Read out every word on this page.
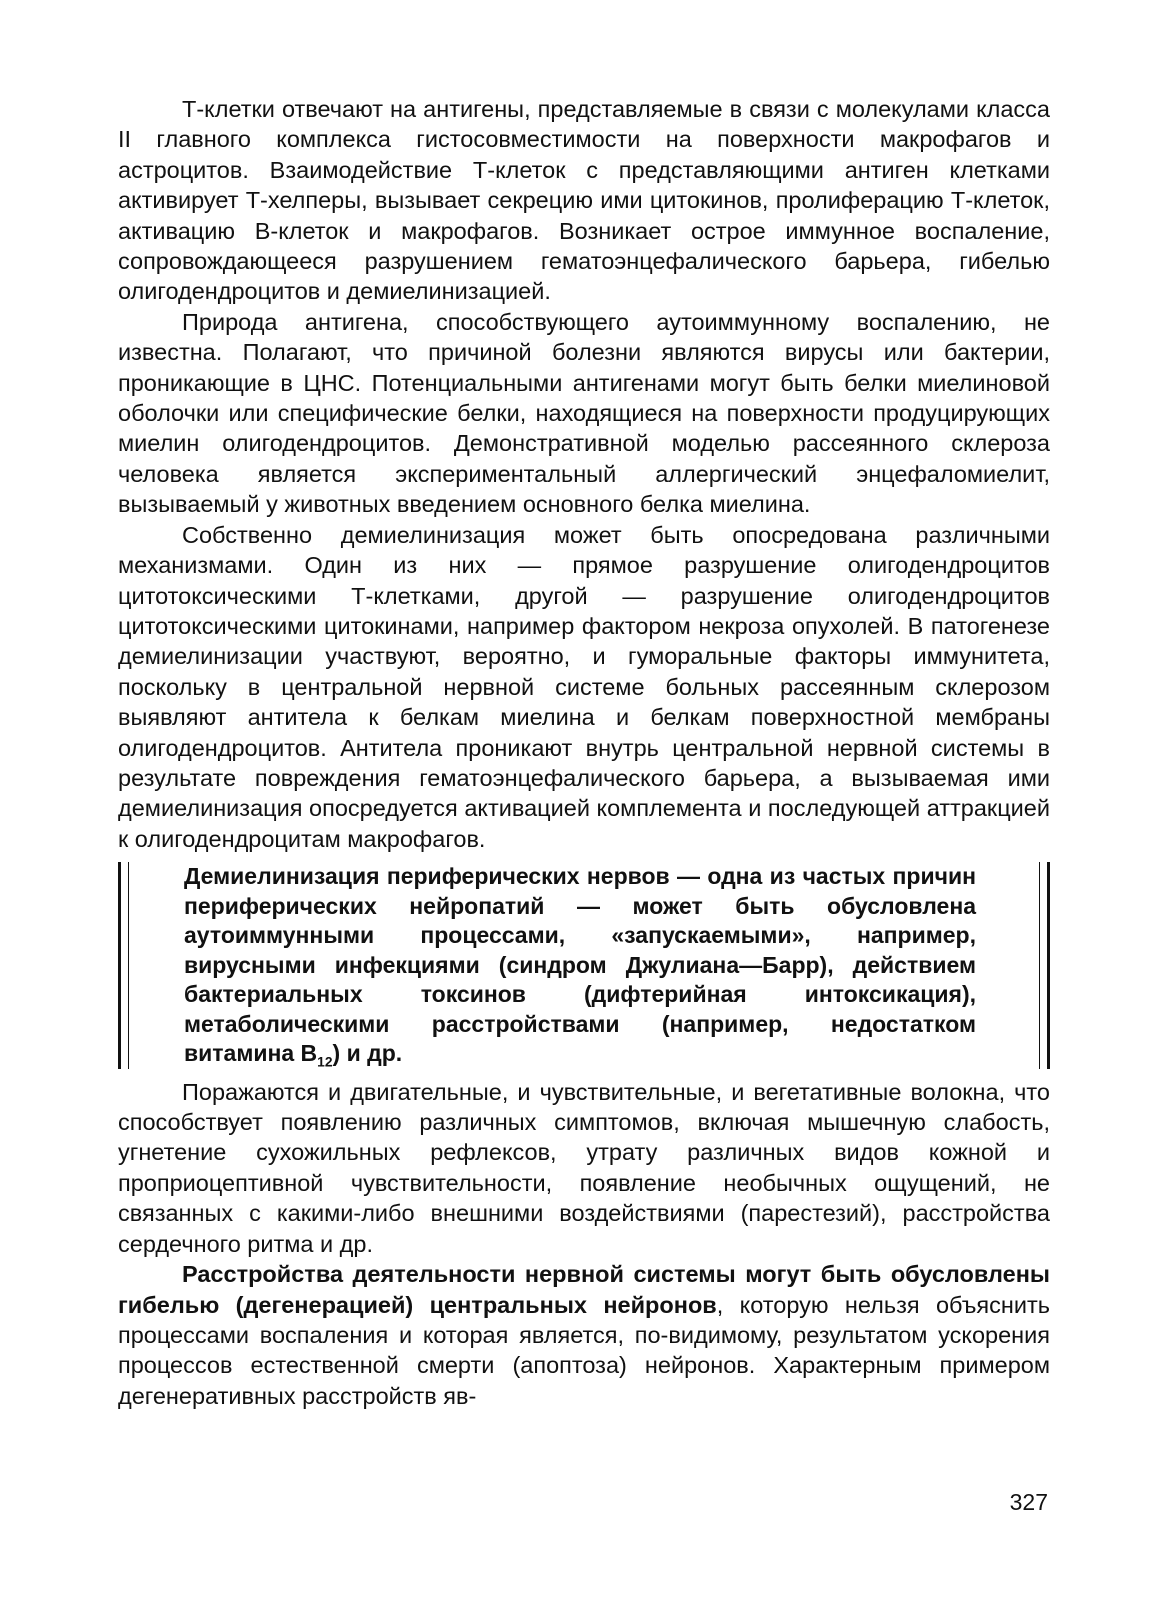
Т-клетки отвечают на антигены, представляемые в связи с молекулами класса II главного комплекса гистосовместимости на поверхности макрофагов и астроцитов. Взаимодействие Т-клеток с представляющими антиген клетками активирует Т-хелперы, вызывает секрецию ими цитокинов, пролиферацию Т-клеток, активацию В-клеток и макрофагов. Возникает острое иммунное воспаление, сопровождающееся разрушением гематоэнцефалического барьера, гибелью олигодендроцитов и демиелинизацией.

Природа антигена, способствующего аутоиммунному воспалению, не известна. Полагают, что причиной болезни являются вирусы или бактерии, проникающие в ЦНС. Потенциальными антигенами могут быть белки миелиновой оболочки или специфические белки, находящиеся на поверхности продуцирующих миелин олигодендроцитов. Демонстративной моделью рассеянного склероза человека является экспериментальный аллергический энцефаломиелит, вызываемый у животных введением основного белка миелина.

Собственно демиелинизация может быть опосредована различными механизмами. Один из них — прямое разрушение олигодендроцитов цитотоксическими Т-клетками, другой — разрушение олигодендроцитов цитотоксическими цитокинами, например фактором некроза опухолей. В патогенезе демиелинизации участвуют, вероятно, и гуморальные факторы иммунитета, поскольку в центральной нервной системе больных рассеянным склерозом выявляют антитела к белкам миелина и белкам поверхностной мембраны олигодендроцитов. Антитела проникают внутрь центральной нервной системы в результате повреждения гематоэнцефалического барьера, а вызываемая ими демиелинизация опосредуется активацией комплемента и последующей аттракцией к олигодендроцитам макрофагов.

Демиелинизация периферических нервов — одна из частых причин периферических нейропатий — может быть обусловлена аутоиммунными процессами, «запускаемыми», например, вирусными инфекциями (синдром Джулиана—Барр), действием бактериальных токсинов (дифтерийная интоксикация), метаболическими расстройствами (например, недостатком витамина $B_{12}$) и др.

Поражаются и двигательные, и чувствительные, и вегетативные волокна, что способствует появлению различных симптомов, включая мышечную слабость, угнетение сухожильных рефлексов, утрату различных видов кожной и проприоцептивной чувствительности, появление необычных ощущений, не связанных с какими-либо внешними воздействиями (парестезий), расстройства сердечного ритма и др.

Расстройства деятельности нервной системы могут быть обусловлены гибелью (дегенерацией) центральных нейронов, которую нельзя объяснить процессами воспаления и которая является, по-видимому, результатом ускорения процессов естественной смерти (апоптоза) нейронов. Характерным примером дегенеративных расстройств яв-

327
